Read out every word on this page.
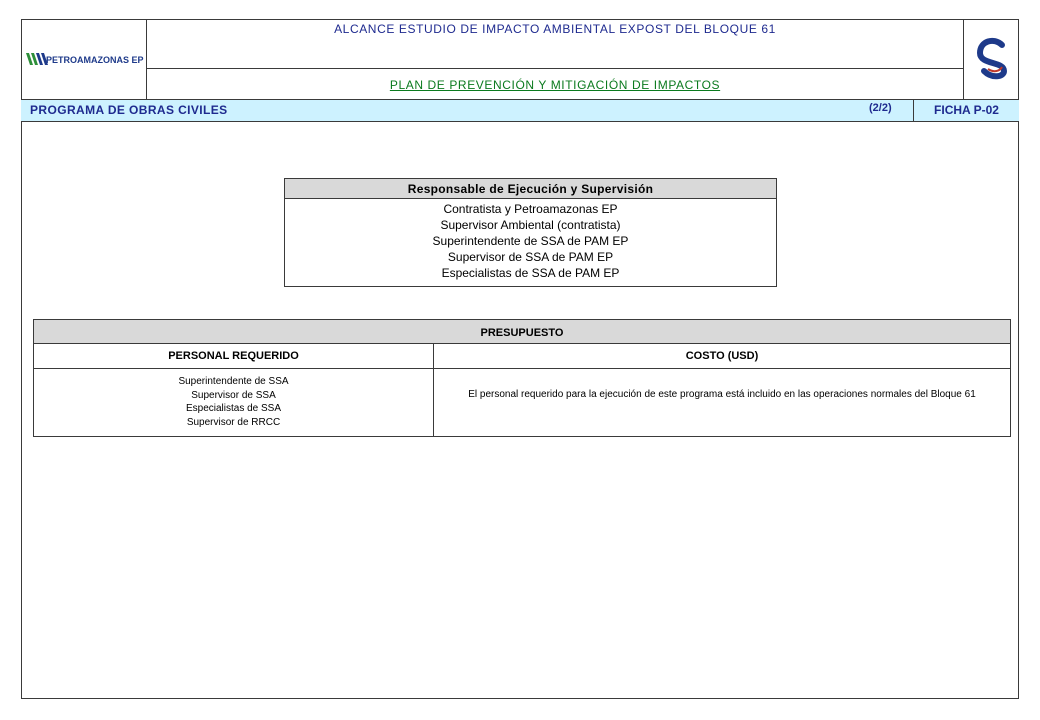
PETROAMAZONAS EP
ALCANCE ESTUDIO DE IMPACTO AMBIENTAL EXPOST DEL BLOQUE 61
PLAN DE PREVENCIÓN Y MITIGACIÓN DE IMPACTOS
PROGRAMA DE OBRAS CIVILES	(2/2)	FICHA P-02
Responsable de Ejecución y Supervisión
Contratista y Petroamazonas EP
Supervisor Ambiental (contratista)
Superintendente de SSA de PAM EP
Supervisor de SSA de PAM EP
Especialistas de SSA de PAM EP
PRESUPUESTO
PERSONAL REQUERIDO	COSTO (USD)
Superintendente de SSA
Supervisor de SSA
Especialistas de SSA
Supervisor de RRCC
El personal requerido para la ejecución de este programa está incluido en las operaciones normales del Bloque 61
